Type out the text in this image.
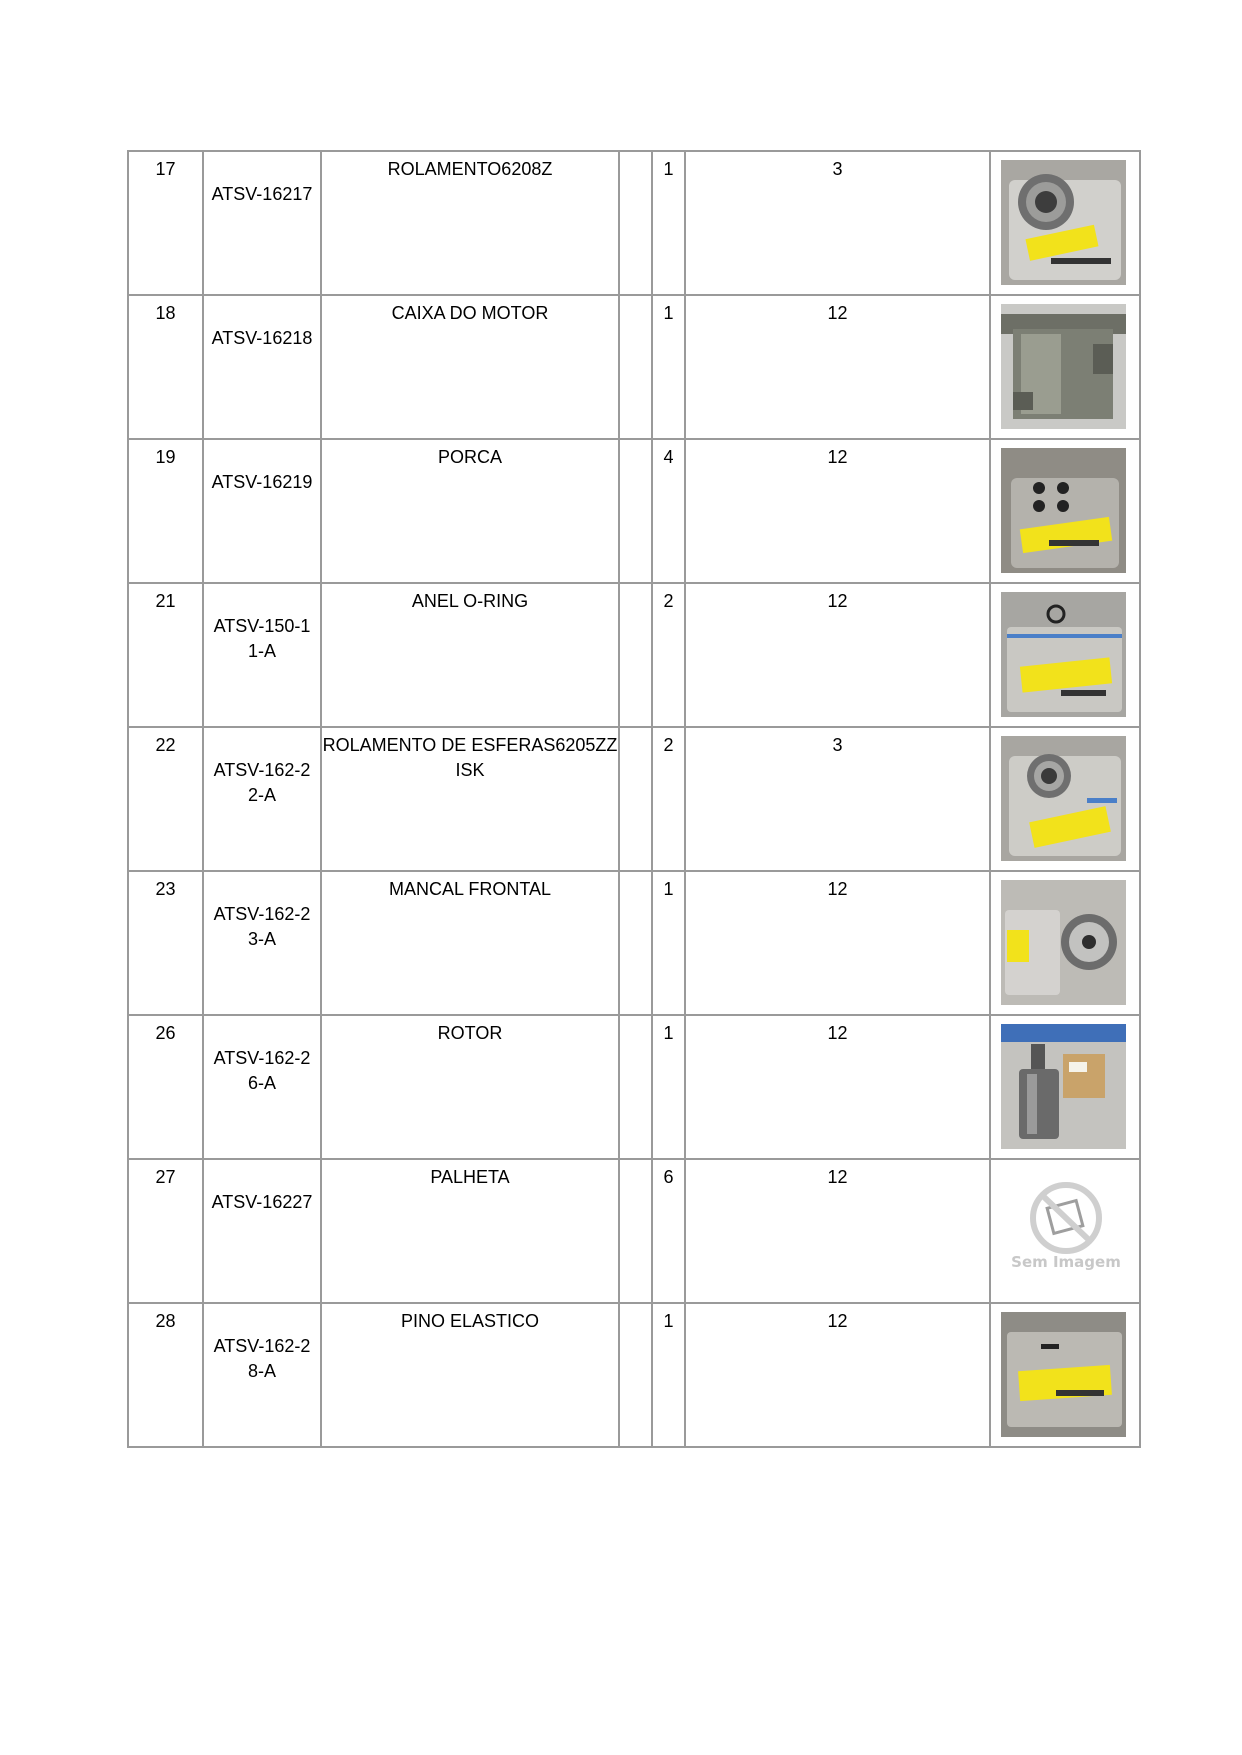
17	ATSV-16217	ROLAMENTO6208Z		1	3	

18	ATSV-16218	CAIXA DO MOTOR		1	12	

19	ATSV-16219	PORCA		4	12	

21	ATSV-150-11-A	ANEL O-RING		2	12	

22	ATSV-162-22-A	ROLAMENTO DE ESFERAS6205ZZ ISK		2	3	

23	ATSV-162-23-A	MANCAL FRONTAL		1	12	

26	ATSV-162-26-A	ROTOR		1	12	

27	ATSV-16227	PALHETA		6	12	Sem Imagem

28	ATSV-162-28-A	PINO ELASTICO		1	12	
